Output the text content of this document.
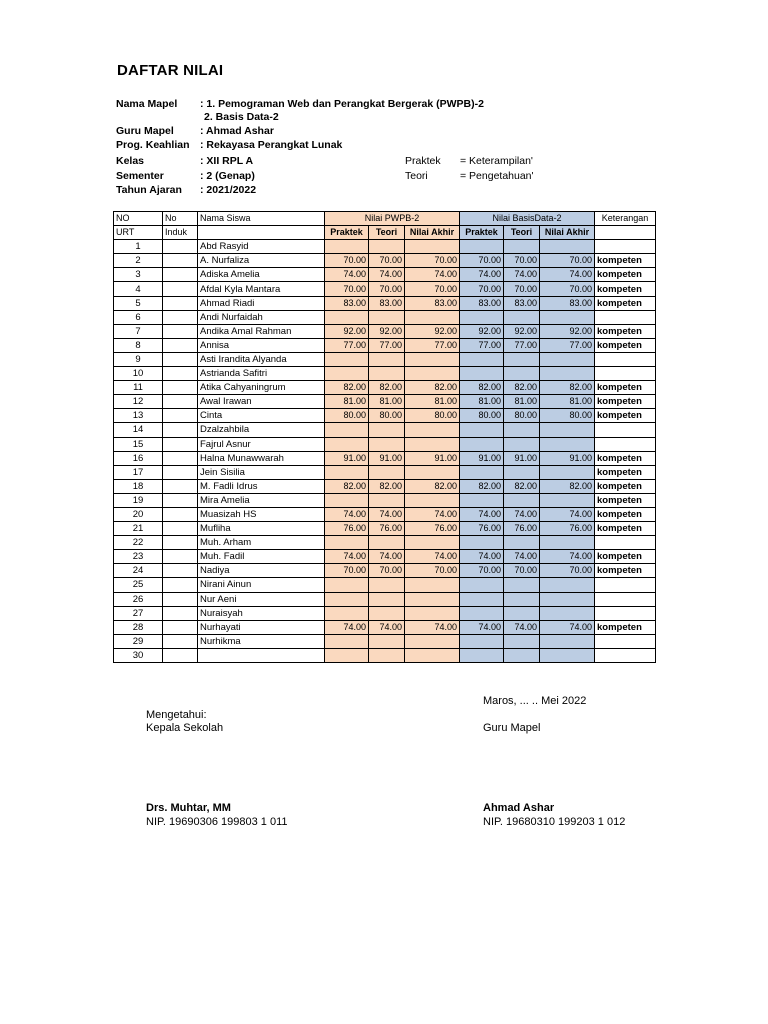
DAFTAR NILAI
Nama Mapel : 1. Pemograman Web dan Perangkat Bergerak (PWPB)-2
2. Basis Data-2
Guru Mapel : Ahmad Ashar
Prog. Keahlian : Rekayasa Perangkat Lunak
Kelas	: XII RPL A
Sementer	: 2 (Genap)
Tahun Ajaran : 2021/2022
Praktek = Keterampilan'
Teori	= Pengetahuan'
NO	No	Nama Siswa	Nilai PWPB-2			Nilai BasisData-2			Keterangan
URT	Induk		Praktek	Teori	Nilai Akhir	Praktek	Teori	Nilai Akhir	
1		Abd Rasyid							
2		A. Nurfaliza	70.00	70.00	70.00	70.00	70.00	70.00	kompeten
3		Adiska Amelia	74.00	74.00	74.00	74.00	74.00	74.00	kompeten
4		Afdal Kyla Mantara	70.00	70.00	70.00	70.00	70.00	70.00	kompeten
5		Ahmad Riadi	83.00	83.00	83.00	83.00	83.00	83.00	kompeten
6		Andi Nurfaidah							
7		Andika Amal Rahman	92.00	92.00	92.00	92.00	92.00	92.00	kompeten
8		Annisa	77.00	77.00	77.00	77.00	77.00	77.00	kompeten
9		Asti Irandita Alyanda							
10		Astrianda Safitri							
11		Atika Cahyaningrum	82.00	82.00	82.00	82.00	82.00	82.00	kompeten
12		Awal Irawan	81.00	81.00	81.00	81.00	81.00	81.00	kompeten
13		Cinta	80.00	80.00	80.00	80.00	80.00	80.00	kompeten
14		Dzalzahbila							
15		Fajrul Asnur							
16		Halna Munawwarah	91.00	91.00	91.00	91.00	91.00	91.00	kompeten
17		Jein Sisilia							kompeten
18		M. Fadli Idrus	82.00	82.00	82.00	82.00	82.00	82.00	kompeten
19		Mira Amelia							kompeten
20		Muasizah HS	74.00	74.00	74.00	74.00	74.00	74.00	kompeten
21		Mufliha	76.00	76.00	76.00	76.00	76.00	76.00	kompeten
22		Muh. Arham							
23		Muh. Fadil	74.00	74.00	74.00	74.00	74.00	74.00	kompeten
24		Nadiya	70.00	70.00	70.00	70.00	70.00	70.00	kompeten
25		Nirani Ainun							
26		Nur Aeni							
27		Nuraisyah							
28		Nurhayati	74.00	74.00	74.00	74.00	74.00	74.00	kompeten
29		Nurhikma							
30									
Maros, ... .. Mei 2022
Mengetahui:
Kepala Sekolah	Guru Mapel
Drs. Muhtar, MM
NIP. 19690306 199803 1 011
Ahmad Ashar
NIP. 19680310 199203 1 012
